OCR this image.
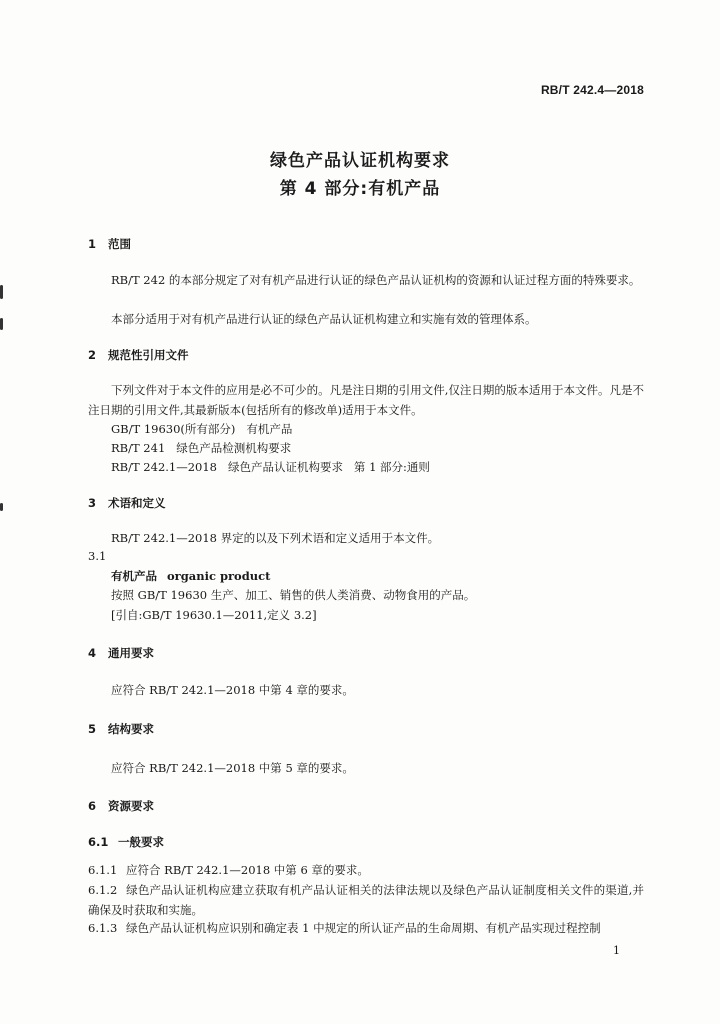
RB/T 242.4—2018
绿色产品认证机构要求
第 4 部分:有机产品
1 范围
RB/T 242 的本部分规定了对有机产品进行认证的绿色产品认证机构的资源和认证过程方面的特殊要求。
本部分适用于对有机产品进行认证的绿色产品认证机构建立和实施有效的管理体系。
2 规范性引用文件
下列文件对于本文件的应用是必不可少的。凡是注日期的引用文件,仅注日期的版本适用于本文件。凡是不注日期的引用文件,其最新版本(包括所有的修改单)适用于本文件。
GB/T 19630(所有部分)   有机产品
RB/T 241   绿色产品检测机构要求
RB/T 242.1—2018   绿色产品认证机构要求   第 1 部分:通则
3 术语和定义
RB/T 242.1—2018 界定的以及下列术语和定义适用于本文件。
3.1
有机产品 organic product
按照 GB/T 19630 生产、加工、销售的供人类消费、动物食用的产品。
[引自:GB/T 19630.1—2011,定义 3.2]
4 通用要求
应符合 RB/T 242.1—2018 中第 4 章的要求。
5 结构要求
应符合 RB/T 242.1—2018 中第 5 章的要求。
6 资源要求
6.1 一般要求
6.1.1 应符合 RB/T 242.1—2018 中第 6 章的要求。
6.1.2 绿色产品认证机构应建立获取有机产品认证相关的法律法规以及绿色产品认证制度相关文件的渠道,并确保及时获取和实施。
6.1.3 绿色产品认证机构应识别和确定表 1 中规定的所认证产品的生命周期、有机产品实现过程控制
1
